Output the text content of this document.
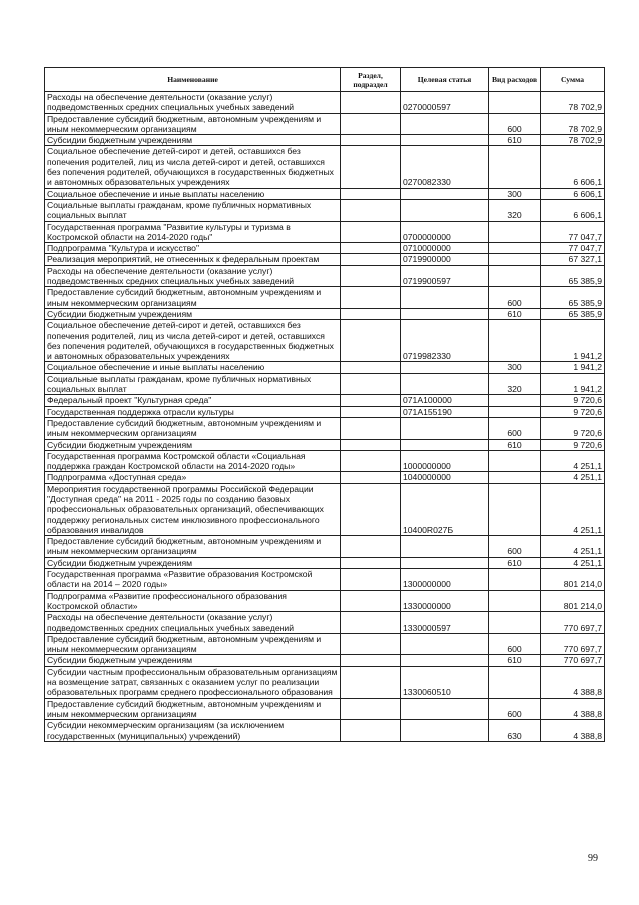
Наименование	Раздел, подраздел	Целевая статья	Вид расходов	Сумма
Расходы на обеспечение деятельности (оказание услуг) подведомственных средних специальных учебных заведений		0270000597		78 702,9
Предоставление субсидий бюджетным, автономным учреждениям и иным некоммерческим организациям			600	78 702,9
Субсидии бюджетным учреждениям			610	78 702,9
Социальное обеспечение детей-сирот и детей, оставшихся без попечения родителей, лиц из числа детей-сирот и детей, оставшихся без попечения родителей, обучающихся в государственных бюджетных и автономных образовательных учреждениях		0270082330		6 606,1
Социальное обеспечение и иные выплаты населению			300	6 606,1
Социальные выплаты гражданам, кроме публичных нормативных социальных выплат			320	6 606,1
Государственная программа "Развитие культуры и туризма в Костромской области на 2014-2020 годы"		0700000000		77 047,7
Подпрограмма "Культура и искусство"		0710000000		77 047,7
Реализация мероприятий, не отнесенных к федеральным проектам		0719900000		67 327,1
Расходы на обеспечение деятельности (оказание услуг) подведомственных средних специальных учебных заведений		0719900597		65 385,9
Предоставление субсидий бюджетным, автономным учреждениям и иным некоммерческим организациям			600	65 385,9
Субсидии бюджетным учреждениям			610	65 385,9
Социальное обеспечение детей-сирот и детей, оставшихся без попечения родителей, лиц из числа детей-сирот и детей, оставшихся без попечения родителей, обучающихся в государственных бюджетных и автономных образовательных учреждениях		0719982330		1 941,2
Социальное обеспечение и иные выплаты населению			300	1 941,2
Социальные выплаты гражданам, кроме публичных нормативных социальных выплат			320	1 941,2
Федеральный проект "Культурная среда"		071A100000		9 720,6
Государственная поддержка отрасли культуры		071A155190		9 720,6
Предоставление субсидий бюджетным, автономным учреждениям и иным некоммерческим организациям			600	9 720,6
Субсидии бюджетным учреждениям			610	9 720,6
Государственная программа Костромской области «Социальная поддержка граждан Костромской области на 2014-2020 годы»		1000000000		4 251,1
Подпрограмма «Доступная среда»		1040000000		4 251,1
Мероприятия государственной программы Российской Федерации "Доступная среда" на 2011 - 2025 годы по созданию базовых профессиональных образовательных организаций, обеспечивающих поддержку региональных систем инклюзивного профессионального образования инвалидов		10400R027Б		4 251,1
Предоставление субсидий бюджетным, автономным учреждениям и иным некоммерческим организациям			600	4 251,1
Субсидии бюджетным учреждениям			610	4 251,1
Государственная программа «Развитие образования Костромской области на 2014 – 2020 годы»		1300000000		801 214,0
Подпрограмма «Развитие профессионального образования Костромской области»		1330000000		801 214,0
Расходы на обеспечение деятельности (оказание услуг) подведомственных средних специальных учебных заведений		1330000597		770 697,7
Предоставление субсидий бюджетным, автономным учреждениям и иным некоммерческим организациям			600	770 697,7
Субсидии бюджетным учреждениям			610	770 697,7
Субсидии частным профессиональным образовательным организациям на возмещение затрат, связанных с оказанием услуг по реализации образовательных программ среднего профессионального образования		1330060510		4 388,8
Предоставление субсидий бюджетным, автономным учреждениям и иным некоммерческим организациям			600	4 388,8
Субсидии некоммерческим организациям (за исключением государственных (муниципальных) учреждений)			630	4 388,8
99
